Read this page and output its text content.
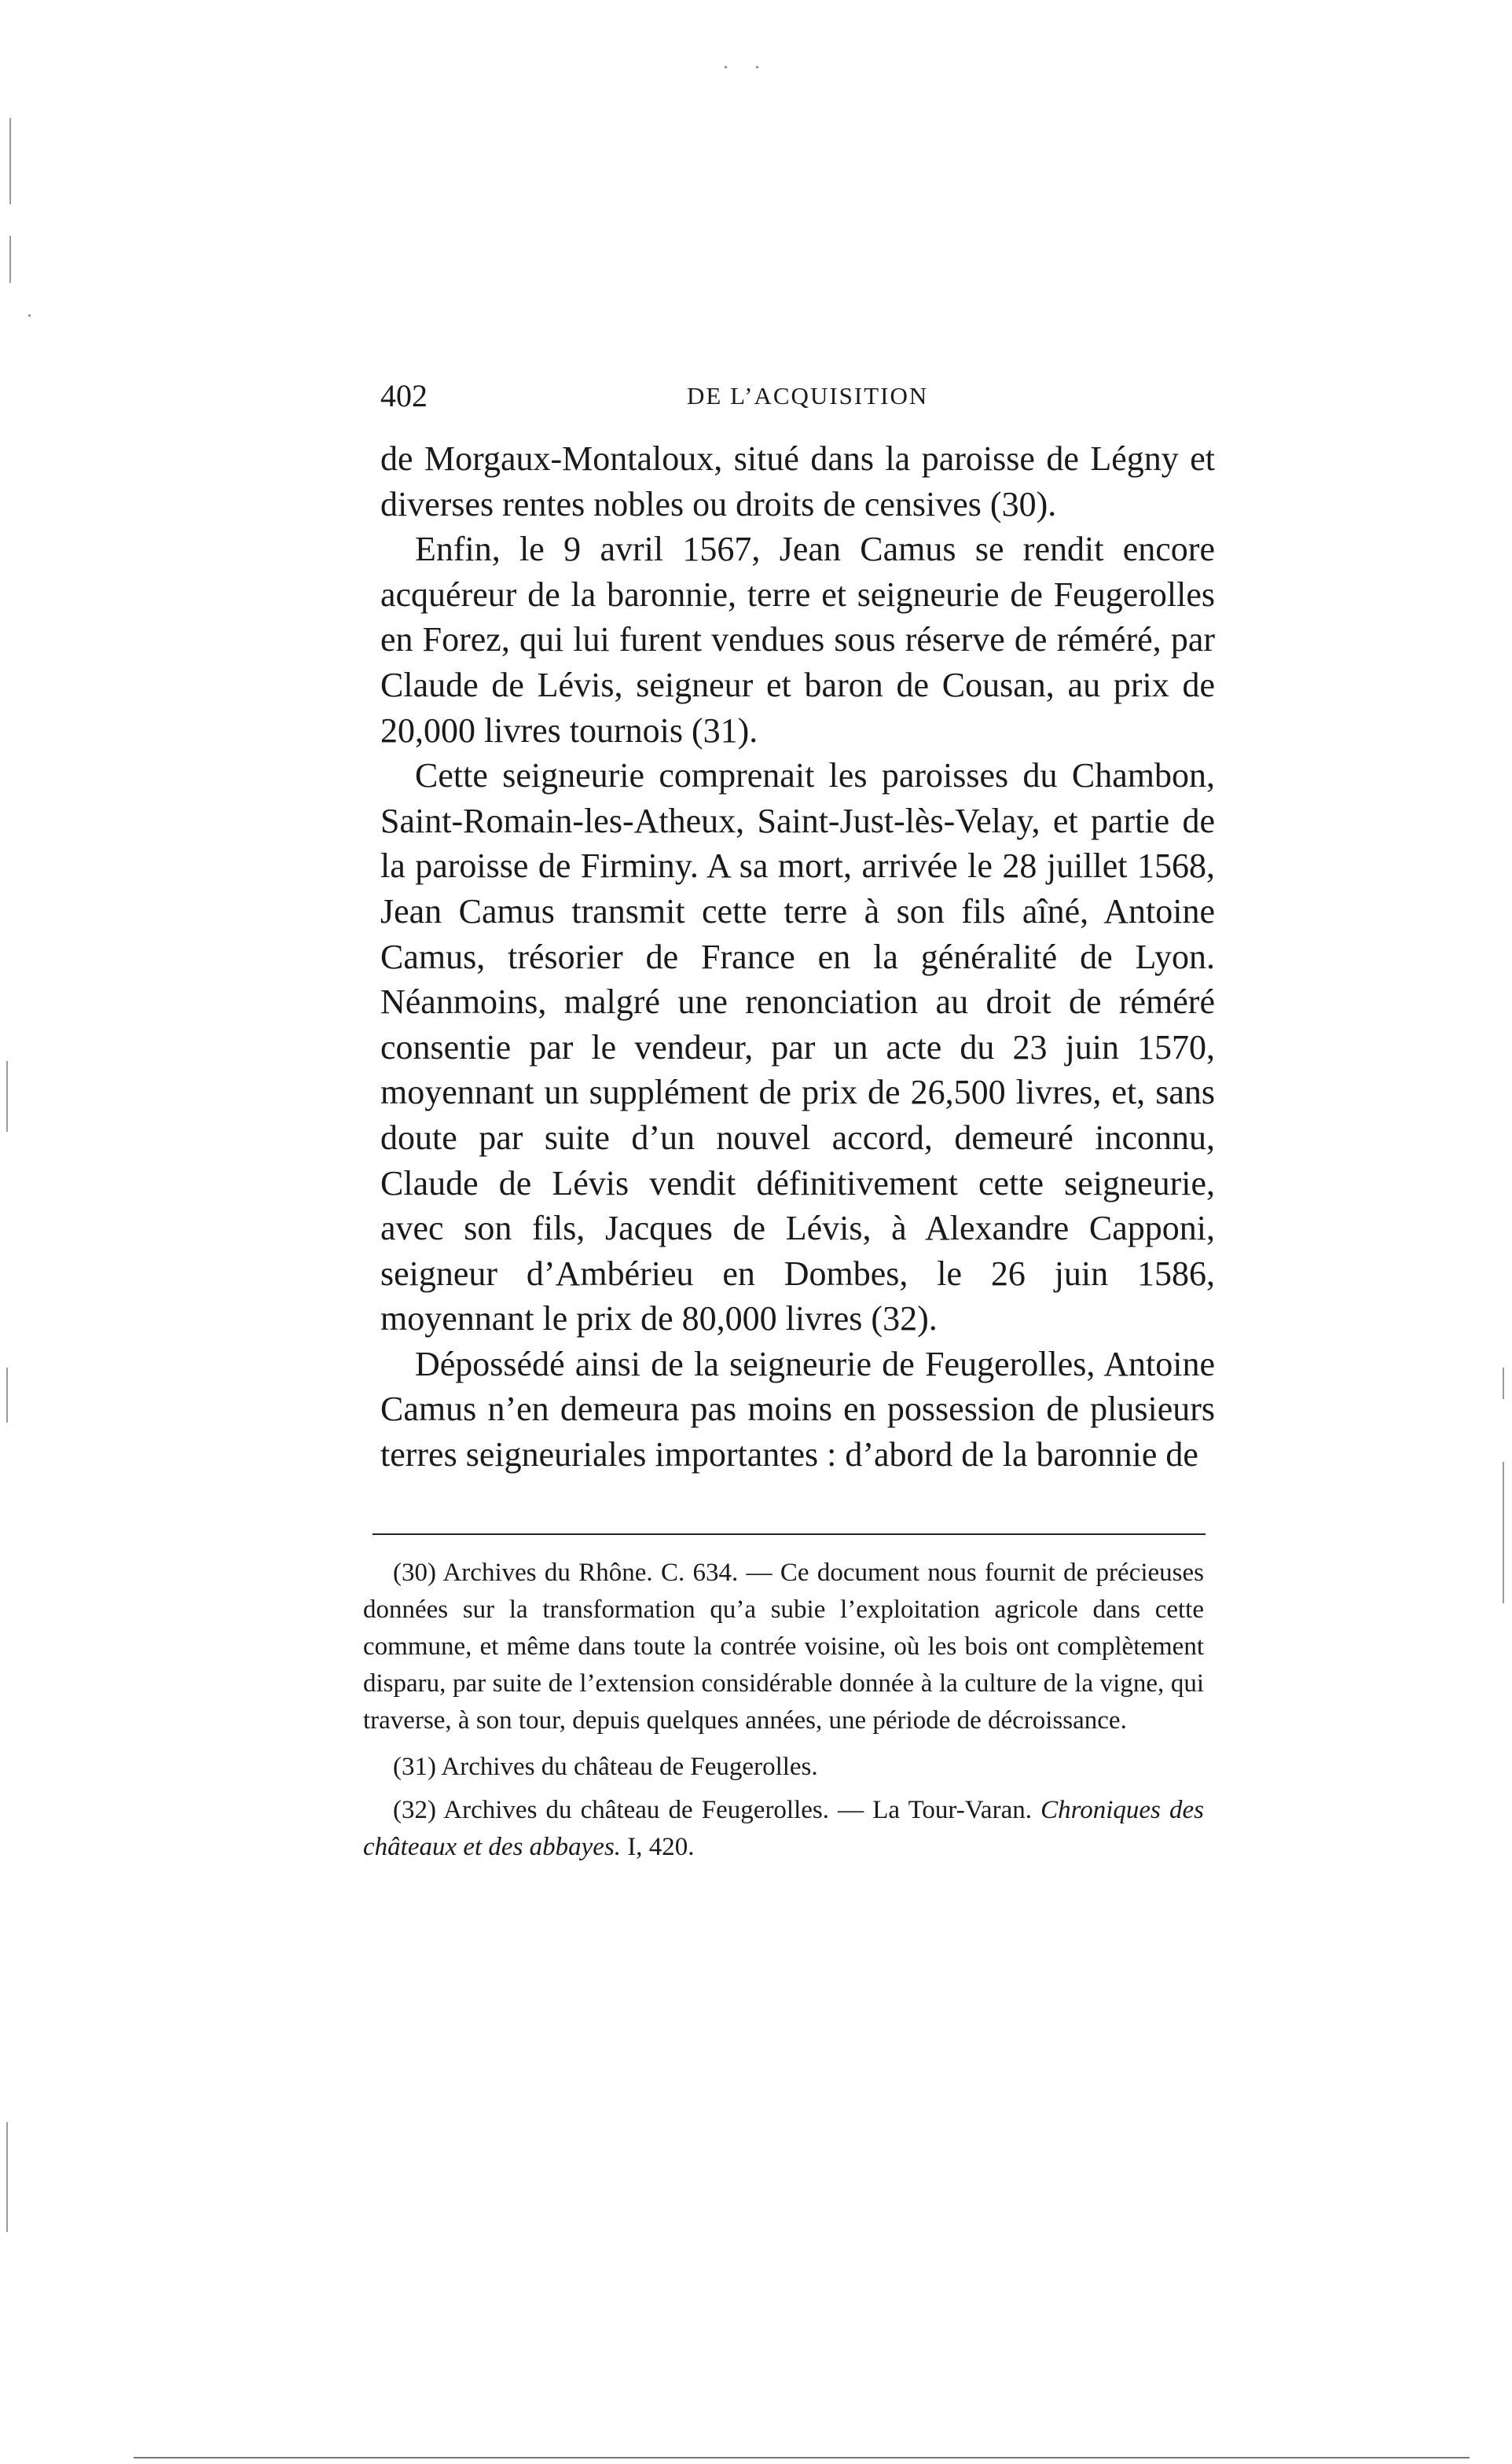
402	DE L’ACQUISITION

de Morgaux-Montaloux, situé dans la paroisse de Légny et diverses rentes nobles ou droits de censives (30).

Enfin, le 9 avril 1567, Jean Camus se rendit encore acquéreur de la baronnie, terre et seigneurie de Feugerolles en Forez, qui lui furent vendues sous réserve de réméré, par Claude de Lévis, seigneur et baron de Cousan, au prix de 20,000 livres tournois (31).

Cette seigneurie comprenait les paroisses du Chambon, Saint-Romain-les-Atheux, Saint-Just-lès-Velay, et partie de la paroisse de Firminy. A sa mort, arrivée le 28 juillet 1568, Jean Camus transmit cette terre à son fils aîné, Antoine Camus, trésorier de France en la généralité de Lyon. Néanmoins, malgré une renonciation au droit de réméré consentie par le vendeur, par un acte du 23 juin 1570, moyennant un supplément de prix de 26,500 livres, et, sans doute par suite d’un nouvel accord, demeuré inconnu, Claude de Lévis vendit définitivement cette seigneurie, avec son fils, Jacques de Lévis, à Alexandre Capponi, seigneur d’Ambérieu en Dombes, le 26 juin 1586, moyennant le prix de 80,000 livres (32).

Dépossédé ainsi de la seigneurie de Feugerolles, Antoine Camus n’en demeura pas moins en possession de plusieurs terres seigneuriales importantes : d’abord de la baronnie de

(30) Archives du Rhône. C. 634. — Ce document nous fournit de précieuses données sur la transformation qu’a subie l’exploitation agricole dans cette commune, et même dans toute la contrée voisine, où les bois ont complètement disparu, par suite de l’extension considérable donnée à la culture de la vigne, qui traverse, à son tour, depuis quelques années, une période de décroissance.

(31) Archives du château de Feugerolles.

(32) Archives du château de Feugerolles. — La Tour-Varan. Chroniques des châteaux et des abbayes. I, 420.
